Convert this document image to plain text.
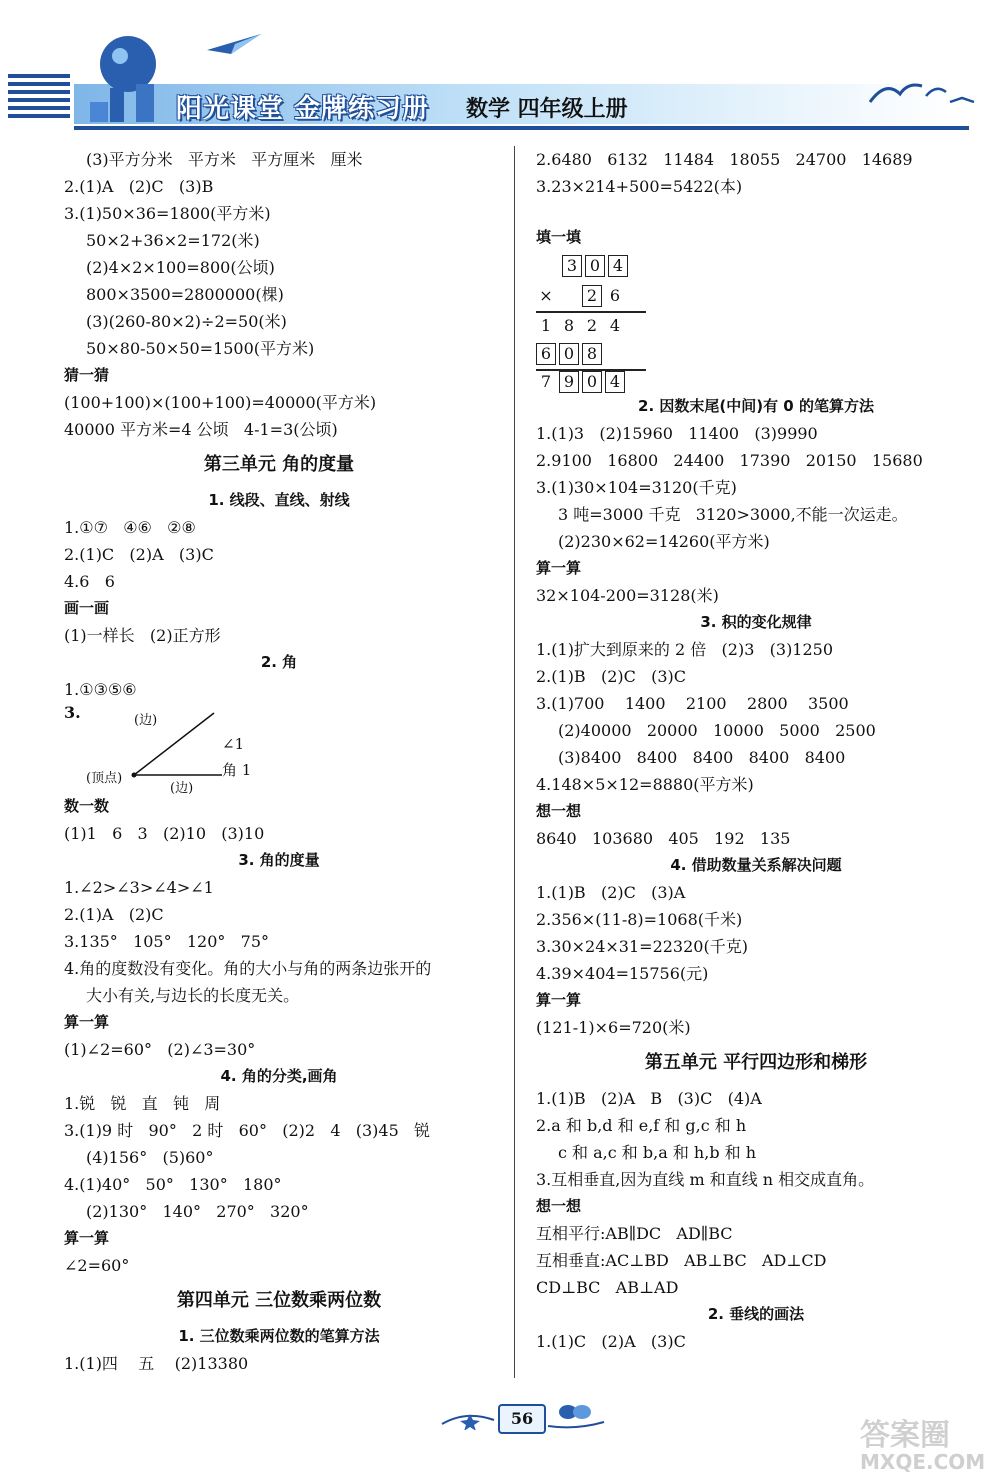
阳光课堂 金牌练习册 数学 四年级上册
(3)平方分米   平方米   平方厘米   厘米
2.(1)A   (2)C   (3)B
3.(1)50×36=1800(平方米)
50×2+36×2=172(米)
(2)4×2×100=800(公顷)
800×3500=2800000(棵)
(3)(260-80×2)÷2=50(米)
50×80-50×50=1500(平方米)
猜一猜
(100+100)×(100+100)=40000(平方米)
40000 平方米=4 公顷   4-1=3(公顷)
第三单元 角的度量
1. 线段、直线、射线
1.①⑦   ④⑥   ②⑧
2.(1)C   (2)A   (3)C
4.6   6
画一画
(1)一样长   (2)正方形
2. 角
1.①③⑤⑥
3.	(边)
(顶点)
(边)
∠1
角 1
数一数
(1)1   6   3   (2)10   (3)10
3. 角的度量
1.∠2>∠3>∠4>∠1
2.(1)A   (2)C
3.135°   105°   120°   75°
4.角的度数没有变化。角的大小与角的两条边张开的
大小有关,与边长的长度无关。
算一算
(1)∠2=60°   (2)∠3=30°
4. 角的分类,画角
1.锐   锐   直   钝   周
3.(1)9 时   90°   2 时   60°   (2)2   4   (3)45   锐
(4)156°   (5)60°
4.(1)40°   50°   130°   180°
(2)130°   140°   270°   320°
算一算
∠2=60°
第四单元 三位数乘两位数
1. 三位数乘两位数的笔算方法
1.(1)四    五    (2)13380
2.6480   6132   11484   18055   24700   14689
3.23×214+500=5422(本)
填一填
3 0 4
×	2 6
1 8 2 4
6 0 8
7 9 0 4
2. 因数末尾(中间)有 0 的笔算方法
1.(1)3   (2)15960   11400   (3)9990
2.9100   16800   24400   17390   20150   15680
3.(1)30×104=3120(千克)
3 吨=3000 千克   3120>3000,不能一次运走。
(2)230×62=14260(平方米)
算一算
32×104-200=3128(米)
3. 积的变化规律
1.(1)扩大到原来的 2 倍   (2)3   (3)1250
2.(1)B   (2)C   (3)C
3.(1)700    1400    2100    2800    3500
(2)40000   20000   10000   5000   2500
(3)8400   8400   8400   8400   8400
4.148×5×12=8880(平方米)
想一想
8640   103680   405   192   135
4. 借助数量关系解决问题
1.(1)B   (2)C   (3)A
2.356×(11-8)=1068(千米)
3.30×24×31=22320(千克)
4.39×404=15756(元)
算一算
(121-1)×6=720(米)
第五单元 平行四边形和梯形
1.(1)B   (2)A   B   (3)C   (4)A
2.a 和 b,d 和 e,f 和 g,c 和 h
c 和 a,c 和 b,a 和 h,b 和 h
3.互相垂直,因为直线 m 和直线 n 相交成直角。
想一想
互相平行:AB∥DC   AD∥BC
互相垂直:AC⊥BD   AB⊥BC   AD⊥CD
CD⊥BC   AB⊥AD
2. 垂线的画法
1.(1)C   (2)A   (3)C
56	答案圈
MXQE.COM
